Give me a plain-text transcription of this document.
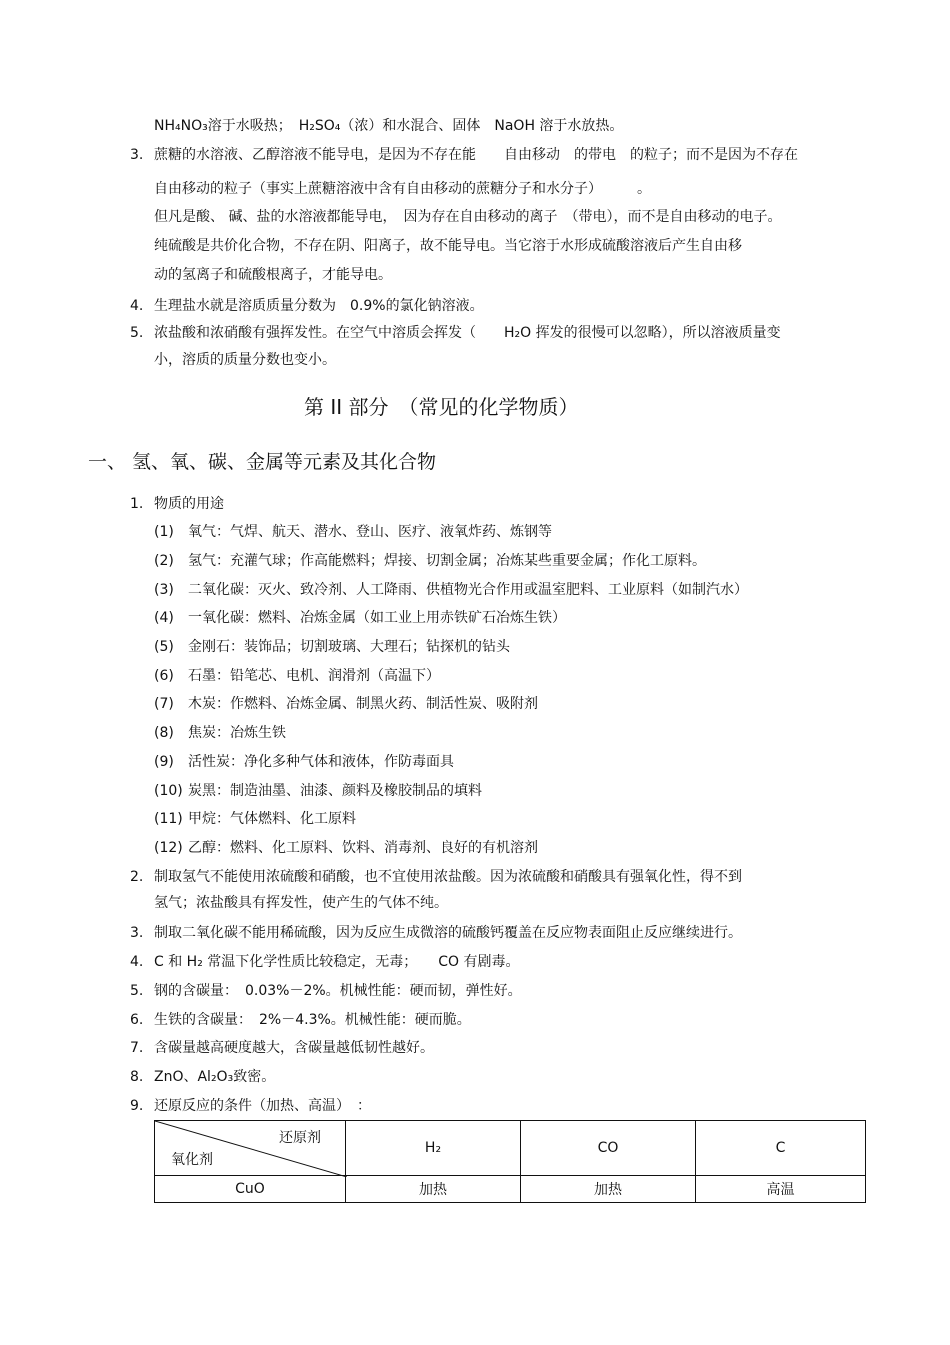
NH₄NO₃溶于水吸热；　H₂SO₄（浓）和水混合、固体　NaOH 溶于水放热。
3. 蔗糖的水溶液、乙醇溶液不能导电，是因为不存在能　　自由移动　的带电　的粒子；而不是因为不存在
自由移动的粒子（事实上蔗糖溶液中含有自由移动的蔗糖分子和水分子）　　　。
但凡是酸、 碱、盐的水溶液都能导电，　因为存在自由移动的离子　（带电），而不是自由移动的电子。
纯硫酸是共价化合物，不存在阴、阳离子，故不能导电。当它溶于水形成硫酸溶液后产生自由移
动的氢离子和硫酸根离子，才能导电。
4. 生理盐水就是溶质质量分数为　0.9%的氯化钠溶液。
5. 浓盐酸和浓硝酸有强挥发性。在空气中溶质会挥发（　　H₂O 挥发的很慢可以忽略），所以溶液质量变
小，溶质的质量分数也变小。
第 II 部分　（常见的化学物质）
一、 氢、氧、碳、金属等元素及其化合物
1. 物质的用途
(1) 氧气：气焊、航天、潜水、登山、医疗、液氧炸药、炼钢等
(2) 氢气：充灌气球；作高能燃料；焊接、切割金属；冶炼某些重要金属；作化工原料。
(3) 二氧化碳：灭火、致冷剂、人工降雨、供植物光合作用或温室肥料、工业原料（如制汽水）
(4) 一氧化碳：燃料、冶炼金属（如工业上用赤铁矿石冶炼生铁）
(5) 金刚石：装饰品；切割玻璃、大理石；钻探机的钻头
(6) 石墨：铅笔芯、电机、润滑剂（高温下）
(7) 木炭：作燃料、冶炼金属、制黑火药、制活性炭、吸附剂
(8) 焦炭：冶炼生铁
(9) 活性炭：净化多种气体和液体，作防毒面具
(10) 炭黑：制造油墨、油漆、颜料及橡胶制品的填料
(11) 甲烷：气体燃料、化工原料
(12) 乙醇：燃料、化工原料、饮料、消毒剂、良好的有机溶剂
2. 制取氢气不能使用浓硫酸和硝酸，也不宜使用浓盐酸。因为浓硫酸和硝酸具有强氧化性，得不到
氢气；浓盐酸具有挥发性，使产生的气体不纯。
3. 制取二氧化碳不能用稀硫酸，因为反应生成微溶的硫酸钙覆盖在反应物表面阻止反应继续进行。
4. C 和 H₂ 常温下化学性质比较稳定，无毒；　　CO 有剧毒。
5. 钢的含碳量：　0.03%－2%。机械性能：硬而韧，弹性好。
6. 生铁的含碳量：　2%－4.3%。机械性能：硬而脆。
7. 含碳量越高硬度越大，含碳量越低韧性越好。
8. ZnO、Al₂O₃致密。
9. 还原反应的条件（加热、高温）　：
还原剂
氧化剂	H₂	CO	C
CuO	加热	加热	高温
